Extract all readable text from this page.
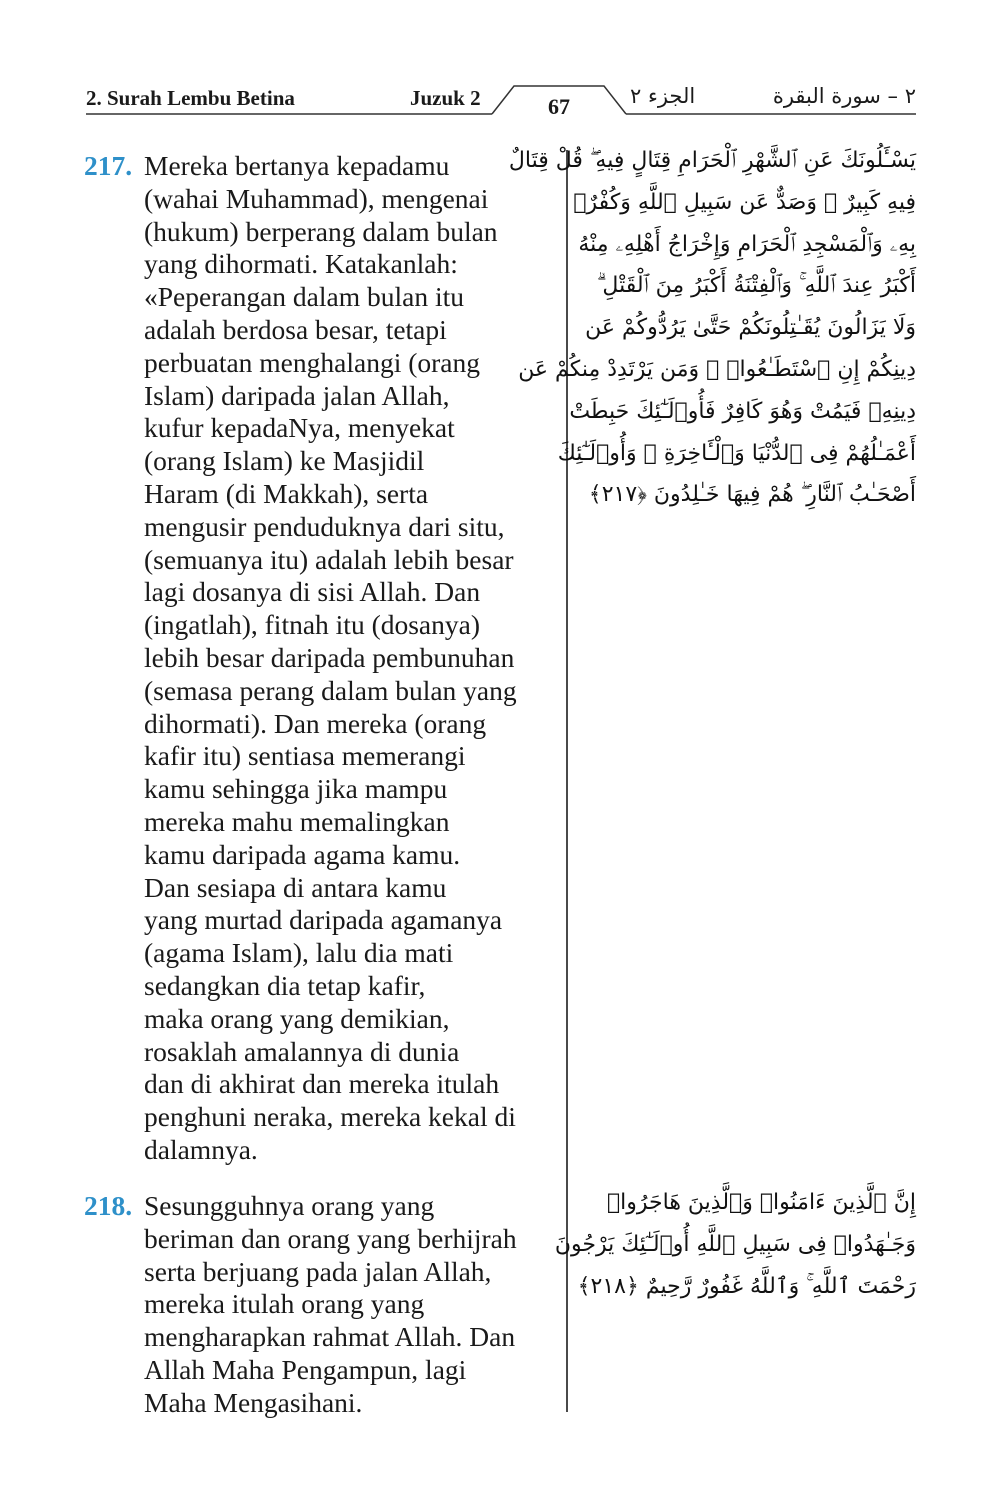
2. Surah Lembu Betina	Juzuk 2	67	الجزء ٢	٢ – سورة البقرة
217. Mereka bertanya kepadamu
(wahai Muhammad), mengenai
(hukum) berperang dalam bulan
yang dihormati. Katakanlah:
«Peperangan dalam bulan itu
adalah berdosa besar, tetapi
perbuatan menghalangi (orang
Islam) daripada jalan Allah,
kufur kepadaNya, menyekat
(orang Islam) ke Masjidil
Haram (di Makkah), serta
mengusir penduduknya dari situ,
(semuanya itu) adalah lebih besar
lagi dosanya di sisi Allah. Dan
(ingatlah), fitnah itu (dosanya)
lebih besar daripada pembunuhan
(semasa perang dalam bulan yang
dihormati). Dan mereka (orang
kafir itu) sentiasa memerangi
kamu sehingga jika mampu
mereka mahu memalingkan
kamu daripada agama kamu.
Dan sesiapa di antara kamu
yang murtad daripada agamanya
(agama Islam), lalu dia mati
sedangkan dia tetap kafir,
maka orang yang demikian,
rosaklah amalannya di dunia
dan di akhirat dan mereka itulah
penghuni neraka, mereka kekal di
dalamnya.
يَسْـَٔلُونَكَ عَنِ ٱلشَّهْرِ ٱلْحَرَامِ قِتَالٍ فِيهِ ۖ قُلْ قِتَالٌ
فِيهِ كَبِيرٌ ۖ وَصَدٌّ عَن سَبِيلِ ٱللَّهِ وَكُفْرٌۢ
بِهِۦ وَٱلْمَسْجِدِ ٱلْحَرَامِ وَإِخْرَاجُ أَهْلِهِۦ مِنْهُ
أَكْبَرُ عِندَ ٱللَّهِ ۚ وَٱلْفِتْنَةُ أَكْبَرُ مِنَ ٱلْقَتْلِ ۗ
وَلَا يَزَالُونَ يُقَـٰتِلُونَكُمْ حَتَّىٰ يَرُدُّوكُمْ عَن
دِينِكُمْ إِنِ ٱسْتَطَـٰعُوا۟ ۚ وَمَن يَرْتَدِدْ مِنكُمْ عَن
دِينِهِۦ فَيَمُتْ وَهُوَ كَافِرٌ فَأُو۟لَـٰٓئِكَ حَبِطَتْ
أَعْمَـٰلُهُمْ فِى ٱلدُّنْيَا وَٱلْـَٔاخِرَةِ ۖ وَأُو۟لَـٰٓئِكَ
أَصْحَـٰبُ ٱلنَّارِ ۖ هُمْ فِيهَا خَـٰلِدُونَ ﴿٢١٧﴾
218. Sesungguhnya orang yang
beriman dan orang yang berhijrah
serta berjuang pada jalan Allah,
mereka itulah orang yang
mengharapkan rahmat Allah. Dan
Allah Maha Pengampun, lagi
Maha Mengasihani.
إِنَّ ٱلَّذِينَ ءَامَنُوا۟ وَٱلَّذِينَ هَاجَرُوا۟
وَجَـٰهَدُوا۟ فِى سَبِيلِ ٱللَّهِ أُو۟لَـٰٓئِكَ يَرْجُونَ
رَحْمَتَ ٱللَّهِ ۚ وَٱللَّهُ غَفُورٌ رَّحِيمٌ ﴿٢١٨﴾
